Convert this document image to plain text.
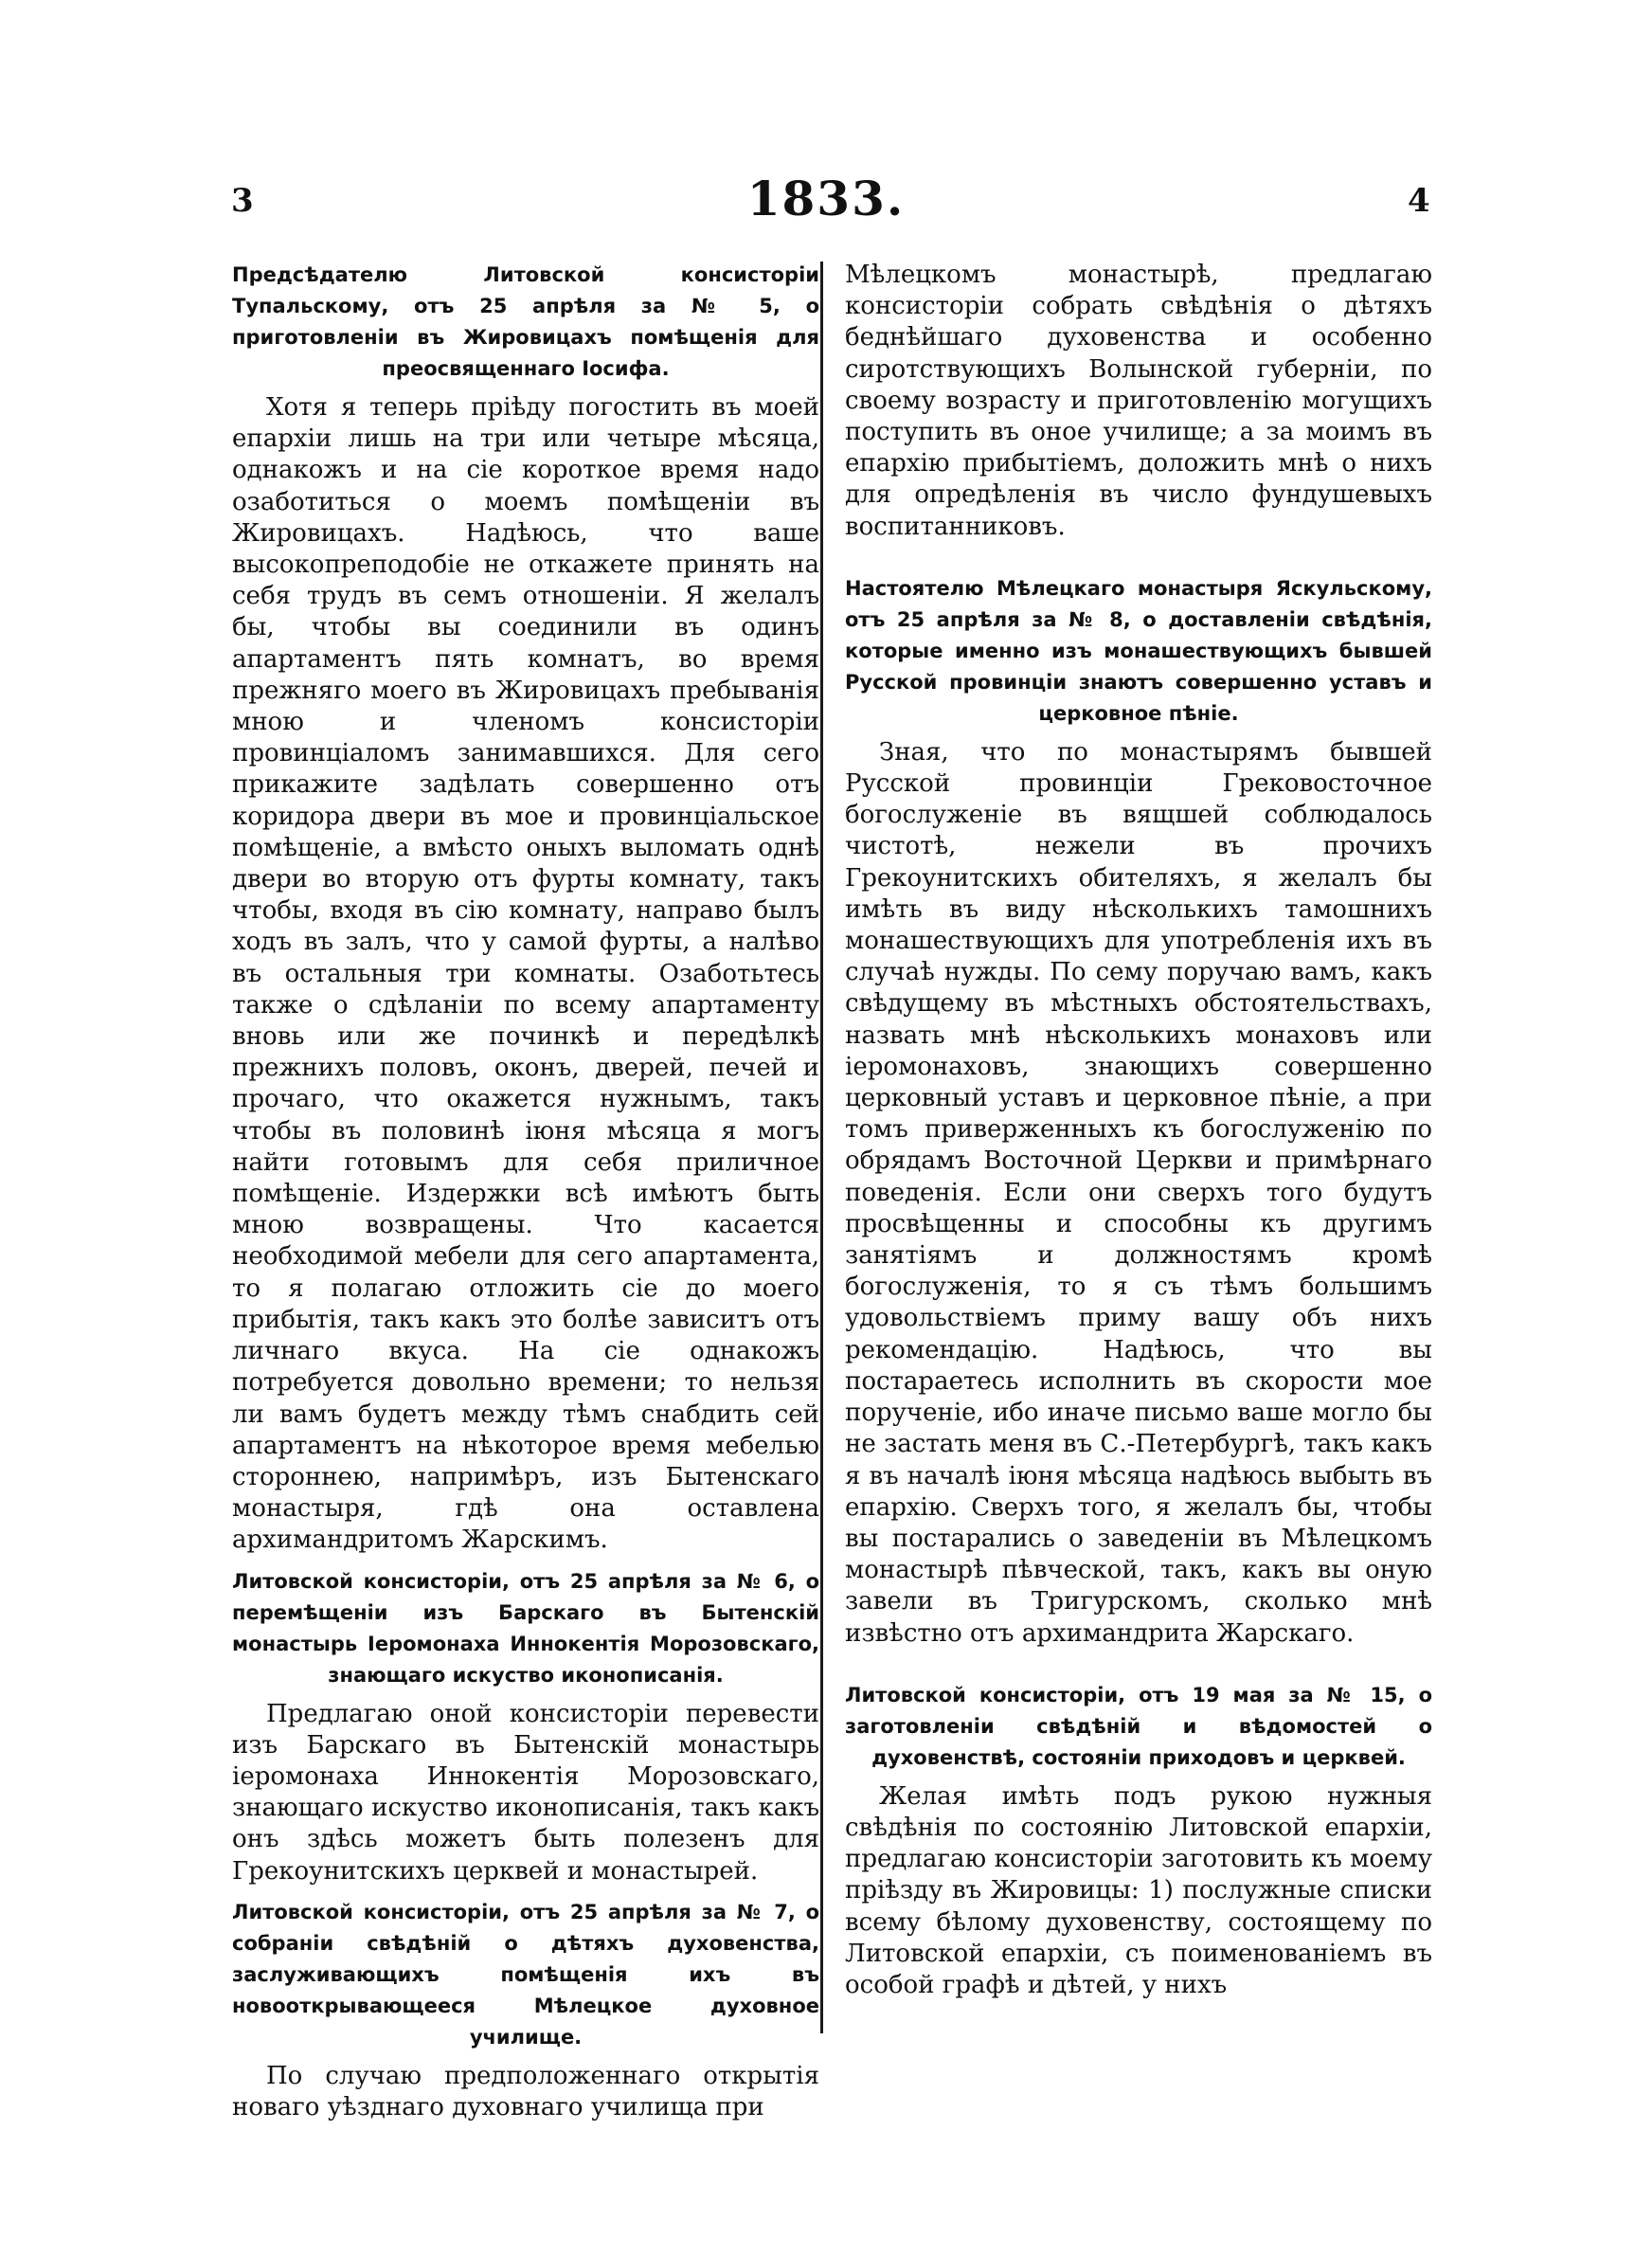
3	1833.	4
Предсѣдателю Литовской консисторіи Тупальскому, отъ 25 апрѣля за № 5, о приготовленіи въ Жировицахъ помѣщенія для преосвященнаго Іосифа.
Хотя я теперь пріѣду погостить въ моей епархіи лишь на три или четыре мѣсяца, однакожъ и на сіе короткое время надо озаботиться о моемъ помѣщеніи въ Жировицахъ. Надѣюсь, что ваше высокопреподобіе не откажете принять на себя трудъ въ семъ отношеніи. Я желалъ бы, чтобы вы соединили въ одинъ апартаментъ пять комнатъ, во время прежняго моего въ Жировицахъ пребыванія мною и членомъ консисторіи провинціаломъ занимавшихся. Для сего прикажите задѣлать совершенно отъ коридора двери въ мое и провинціальское помѣщеніе, а вмѣсто оныхъ выломать однѣ двери во вторую отъ фурты комнату, такъ чтобы, входя въ сію комнату, направо былъ ходъ въ залъ, что у самой фурты, а налѣво въ остальныя три комнаты. Озаботьтесь также о сдѣланіи по всему апартаменту вновь или же починкѣ и передѣлкѣ прежнихъ половъ, оконъ, дверей, печей и прочаго, что окажется нужнымъ, такъ чтобы въ половинѣ іюня мѣсяца я могъ найти готовымъ для себя приличное помѣщеніе. Издержки всѣ имѣютъ быть мною возвращены. Что касается необходимой мебели для сего апартамента, то я полагаю отложить сіе до моего прибытія, такъ какъ это болѣе зависитъ отъ личнаго вкуса. На сіе однакожъ потребуется довольно времени; то нельзя ли вамъ будетъ между тѣмъ снабдить сей апартаментъ на нѣкоторое время мебелью стороннею, напримѣръ, изъ Бытенскаго монастыря, гдѣ она оставлена архимандритомъ Жарскимъ.
Литовской консисторіи, отъ 25 апрѣля за № 6, о перемѣщеніи изъ Барскаго въ Бытенскій монастырь Іеромонаха Иннокентія Морозовскаго, знающаго искуство иконописанія.
Предлагаю оной консисторіи перевести изъ Барскаго въ Бытенскій монастырь іеромонаха Иннокентія Морозовскаго, знающаго искуство иконописанія, такъ какъ онъ здѣсь можетъ быть полезенъ для Грекоунитскихъ церквей и монастырей.
Литовской консисторіи, отъ 25 апрѣля за № 7, о собраніи свѣдѣній о дѣтяхъ духовенства, заслуживающихъ помѣщенія ихъ въ новооткрывающееся Мѣлецкое духовное училище.
По случаю предположеннаго открытія новаго уѣзднаго духовнаго училища при
Мѣлецкомъ монастырѣ, предлагаю консисторіи собрать свѣдѣнія о дѣтяхъ беднѣйшаго духовенства и особенно сиротствующихъ Волынской губерніи, по своему возрасту и приготовленію могущихъ поступить въ оное училище; а за моимъ въ епархію прибытіемъ, доложить мнѣ о нихъ для опредѣленія въ число фундушевыхъ воспитанниковъ.
Настоятелю Мѣлецкаго монастыря Яскульскому, отъ 25 апрѣля за № 8, о доставленіи свѣдѣнія, которые именно изъ монашествующихъ бывшей Русской провинціи знаютъ совершенно уставъ и церковное пѣніе.
Зная, что по монастырямъ бывшей Русской провинціи Грековосточное богослуженіе въ вящшей соблюдалось чистотѣ, нежели въ прочихъ Грекоунитскихъ обителяхъ, я желалъ бы имѣть въ виду нѣсколькихъ тамошнихъ монашествующихъ для употребленія ихъ въ случаѣ нужды. По сему поручаю вамъ, какъ свѣдущему въ мѣстныхъ обстоятельствахъ, назвать мнѣ нѣсколькихъ монаховъ или іеромонаховъ, знающихъ совершенно церковный уставъ и церковное пѣніе, а при томъ приверженныхъ къ богослуженію по обрядамъ Восточной Церкви и примѣрнаго поведенія. Если они сверхъ того будутъ просвѣщенны и способны къ другимъ занятіямъ и должностямъ кромѣ богослуженія, то я съ тѣмъ большимъ удовольствіемъ приму вашу объ нихъ рекомендацію. Надѣюсь, что вы постараетесь исполнить въ скорости мое порученіе, ибо иначе письмо ваше могло бы не застать меня въ С.-Петербургѣ, такъ какъ я въ началѣ іюня мѣсяца надѣюсь выбыть въ епархію. Сверхъ того, я желалъ бы, чтобы вы постарались о заведеніи въ Мѣлецкомъ монастырѣ пѣвческой, такъ, какъ вы оную завели въ Тригурскомъ, сколько мнѣ извѣстно отъ архимандрита Жарскаго.
Литовской консисторіи, отъ 19 мая за № 15, о заготовленіи свѣдѣній и вѣдомостей о духовенствѣ, состояніи приходовъ и церквей.
Желая имѣть подъ рукою нужныя свѣдѣнія по состоянію Литовской епархіи, предлагаю консисторіи заготовить къ моему пріѣзду въ Жировицы: 1) послужные списки всему бѣлому духовенству, состоящему по Литовской епархіи, съ поименованіемъ въ особой графѣ и дѣтей, у нихъ
